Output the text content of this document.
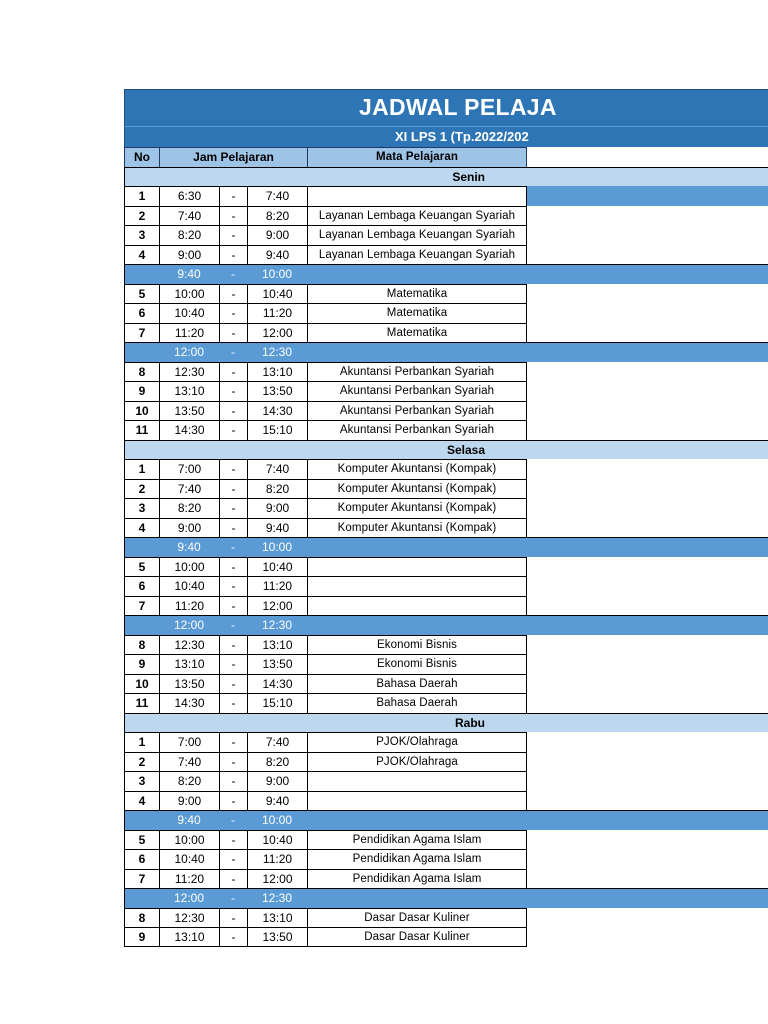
JADWAL PELAJA
XI LPS 1 (Tp.2022/202
No	Jam Pelajaran	Mata Pelajaran
Senin
1	6:30	-	7:40
2	7:40	-	8:20	Layanan Lembaga Keuangan Syariah
3	8:20	-	9:00	Layanan Lembaga Keuangan Syariah
4	9:00	-	9:40	Layanan Lembaga Keuangan Syariah
9:40	-	10:00
5	10:00	-	10:40	Matematika
6	10:40	-	11:20	Matematika
7	11:20	-	12:00	Matematika
12:00	-	12:30
8	12:30	-	13:10	Akuntansi Perbankan Syariah
9	13:10	-	13:50	Akuntansi Perbankan Syariah
10	13:50	-	14:30	Akuntansi Perbankan Syariah
11	14:30	-	15:10	Akuntansi Perbankan Syariah
Selasa
1	7:00	-	7:40	Komputer Akuntansi (Kompak)
2	7:40	-	8:20	Komputer Akuntansi (Kompak)
3	8:20	-	9:00	Komputer Akuntansi (Kompak)
4	9:00	-	9:40	Komputer Akuntansi (Kompak)
9:40	-	10:00
5	10:00	-	10:40
6	10:40	-	11:20
7	11:20	-	12:00
12:00	-	12:30
8	12:30	-	13:10	Ekonomi Bisnis
9	13:10	-	13:50	Ekonomi Bisnis
10	13:50	-	14:30	Bahasa Daerah
11	14:30	-	15:10	Bahasa Daerah
Rabu
1	7:00	-	7:40	PJOK/Olahraga
2	7:40	-	8:20	PJOK/Olahraga
3	8:20	-	9:00
4	9:00	-	9:40
9:40	-	10:00
5	10:00	-	10:40	Pendidikan Agama Islam
6	10:40	-	11:20	Pendidikan Agama Islam
7	11:20	-	12:00	Pendidikan Agama Islam
12:00	-	12:30
8	12:30	-	13:10	Dasar Dasar Kuliner
9	13:10	-	13:50	Dasar Dasar Kuliner
